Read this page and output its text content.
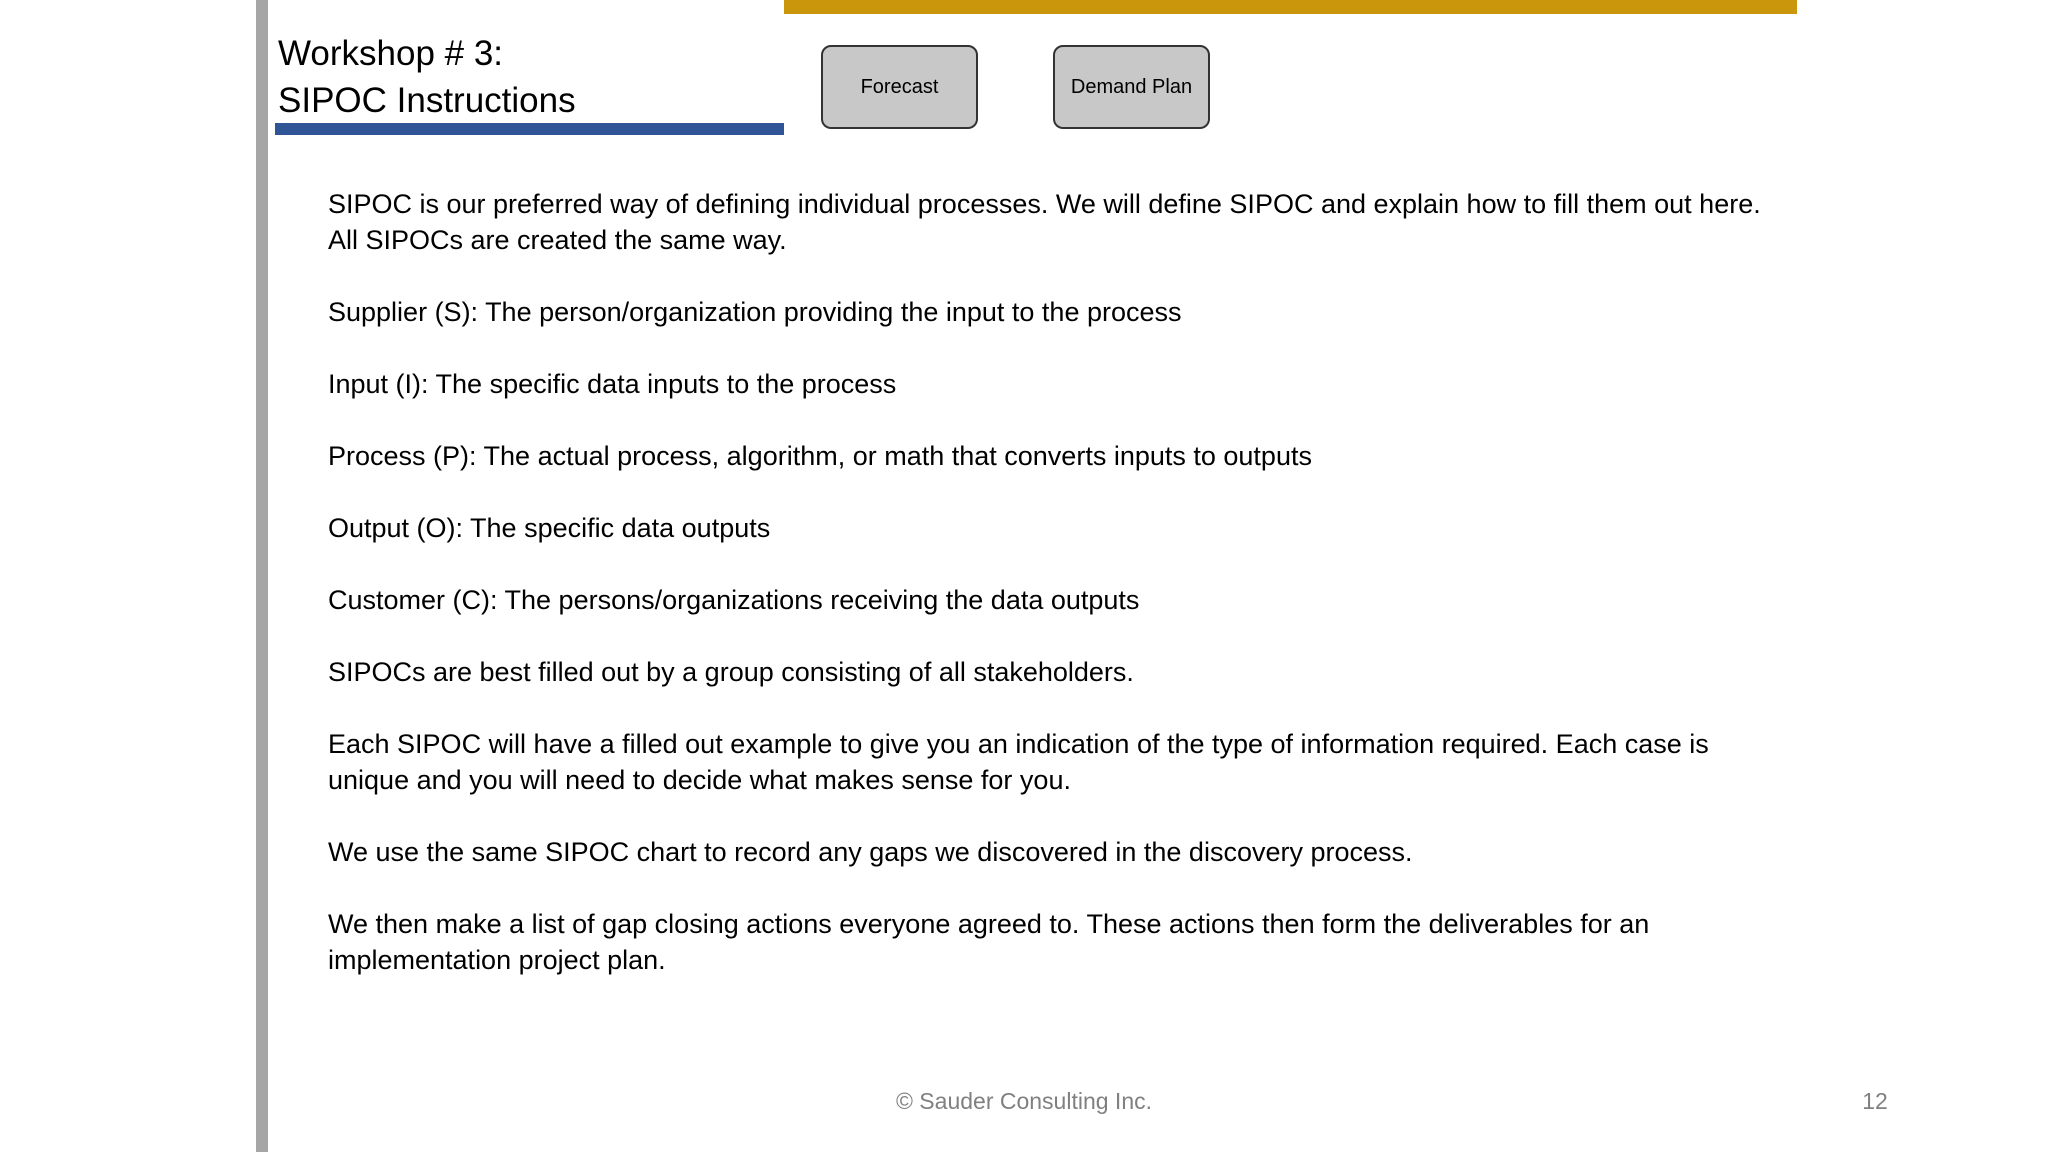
Workshop # 3:
SIPOC Instructions	Forecast	Demand Plan

SIPOC is our preferred way of defining individual processes. We will define SIPOC and explain how to fill them out here. All SIPOCs are created the same way.

Supplier (S): The person/organization providing the input to the process

Input (I): The specific data inputs to the process

Process (P): The actual process, algorithm, or math that converts inputs to outputs

Output (O): The specific data outputs

Customer (C): The persons/organizations receiving the data outputs

SIPOCs are best filled out by a group consisting of all stakeholders.

Each SIPOC will have a filled out example to give you an indication of the type of information required. Each case is unique and you will need to decide what makes sense for you.

We use the same SIPOC chart to record any gaps we discovered in the discovery process.

We then make a list of gap closing actions everyone agreed to. These actions then form the deliverables for an implementation project plan.

© Sauder Consulting Inc.	12
